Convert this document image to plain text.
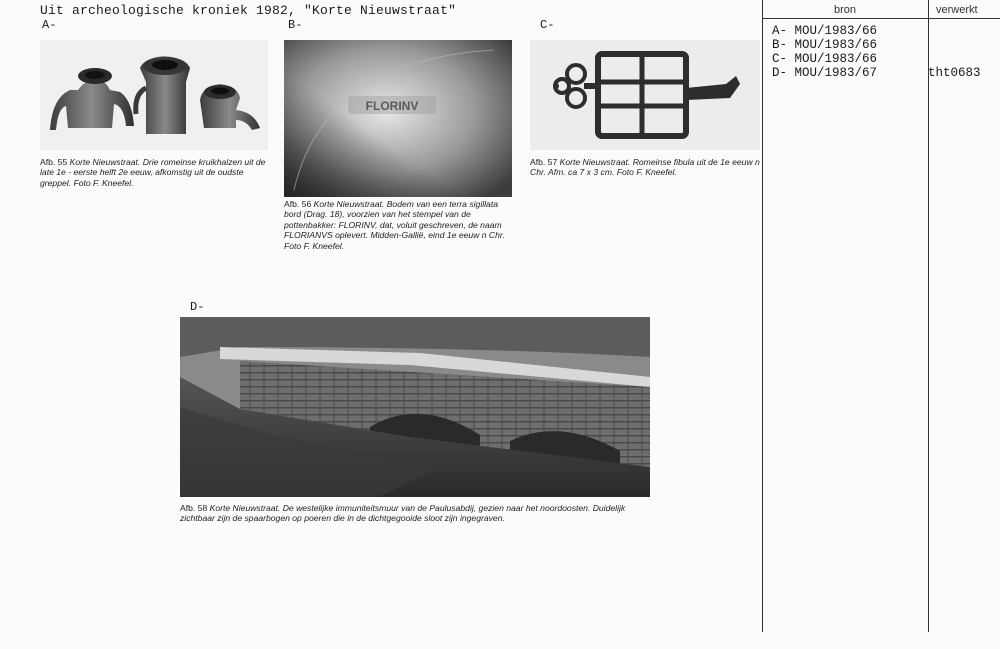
Uit archeologische kroniek 1982, "Korte Nieuwstraat"
A-	B-	C-
D-
FLORINV

Afb. 55 Korte Nieuwstraat. Drie romeinse kruikhalzen uit de late 1e - eerste helft 2e eeuw, afkomstig uit de oudste greppel. Foto F. Kneefel.

Afb. 56 Korte Nieuwstraat. Bodem van een terra sigillata bord (Drag. 18), voorzien van het stempel van de pottenbakker: FLORINV, dat, voluit geschreven, de naam FLORIANVS oplevert. Midden-Gallië, eind 1e eeuw n Chr. Foto F. Kneefel.

Afb. 57 Korte Nieuwstraat. Romeinse fibula uit de 1e eeuw n Chr. Afm. ca 7 x 3 cm. Foto F. Kneefel.

Afb. 58 Korte Nieuwstraat. De westelijke immuniteitsmuur van de Paulusabdij, gezien naar het noordoosten. Duidelijk zichtbaar zijn de spaarbogen op poeren die in de dichtgegooide sloot zijn ingegraven.

bron	verwerkt
A- MOU/1983/66
B- MOU/1983/66
C- MOU/1983/66
D- MOU/1983/67	tht0683
